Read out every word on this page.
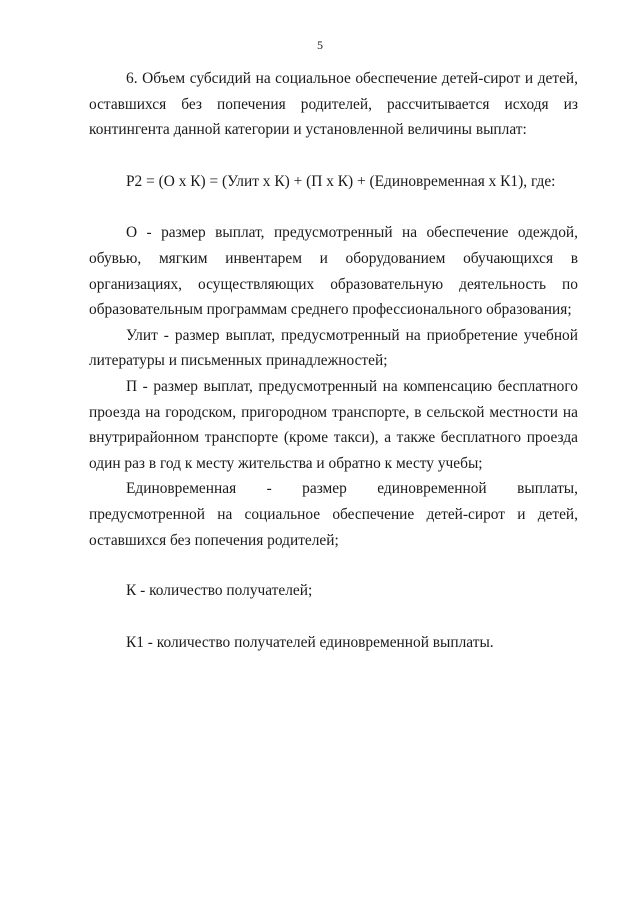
5

6. Объем субсидий на социальное обеспечение детей-сирот и детей, оставшихся без попечения родителей, рассчитывается исходя из контингента данной категории и установленной величины выплат:

Р2 = (О х К) = (Улит х К) + (П х К) + (Единовременная х К1), где:

О - размер выплат, предусмотренный на обеспечение одеждой, обувью, мягким инвентарем и оборудованием обучающихся в организациях, осуществляющих образовательную деятельность по образовательным программам среднего профессионального образования;

Улит - размер выплат, предусмотренный на приобретение учебной литературы и письменных принадлежностей;

П - размер выплат, предусмотренный на компенсацию бесплатного проезда на городском, пригородном транспорте, в сельской местности на внутрирайонном транспорте (кроме такси), а также бесплатного проезда один раз в год к месту жительства и обратно к месту учебы;

Единовременная - размер единовременной выплаты, предусмотренной на социальное обеспечение детей-сирот и детей, оставшихся без попечения родителей;

К - количество получателей;

К1 - количество получателей единовременной выплаты.
